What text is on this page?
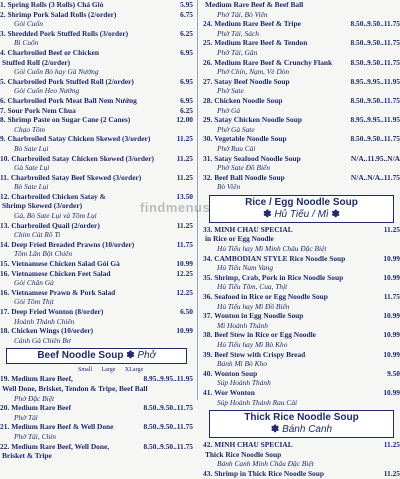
1. Spring Rolls (3 Rolls) Chả Giò	5.95
2. Shrimp Pork Salad Rolls (2/order)	6.75
Gỏi Cuốn
3. Shredded Pork Stuffed Rolls (3/order)	6.25
Bì Cuốn
4. Charbroiled Beef or Chicken	6.95
Stuffed Roll (2/order)
Gỏi Cuốn Bò hay Gà Nướng
5. Charbroiled Pork Stuffed Roll (2/order)	6.95
Gỏi Cuốn Heo Nướng
6. Charbroiled Pork Meat Ball Nem Nướng	6.95
7. Sour Pork Nem Chua	6.25
8. Shrimp Paste on Sugar Cane (2 Canes)	12.00
Chạo Tôm
9. Charbroiled Satay Chicken Skewed (3/order)	11.25
Bò Sate Lụi
10. Charbroiled Satay Chicken Skewed (3/order)	11.25
Gà Sate Lụi
11. Charbroiled Satay Beef Skewed (3/order)	11.25
Bò Sate Lụi
12. Charbroiled Chicken Satay &	13.50
Shrimp Skewed (3/order)
Gà, Bò Sate Lụi và Tôm Lụi
13. Charbroiled Quail (2/order)	11.25
Chim Cút Rô Ti
14. Deep Fried Breaded Prawns (10/order)	11.75
Tôm Lăn Bột Chiên
15. Vietnamese Chicken Salad Gỏi Gà	10.99
16. Vietnamese Chicken Feet Salad	12.25
Gỏi Chân Gà
16. Vietnamese Prawn & Pork Salad	12.25
Gỏi Tôm Thịt
17. Deep Fried Wonton (8/order)	6.50
Hoành Thánh Chiên
18. Chicken Wings (10/order)	10.99
Cánh Gà Chiên Bơ
Beef Noodle Soup ✽ Phở
Small Large XLarge
19. Medium Rare Beef,	8.95..9.95..11.95
Well Done, Brisket, Tendon & Tripe, Beef Ball
Phở Đặc Biệt
20. Medium Rare Beef	8.50..9.50..11.75
Phở Tái
21. Medium Rare Beef & Well Done	8.50..9.50..11.75
Phở Tái, Chín
22. Medium Rare Beef, Well Done,	8.50..9.50..11.75
Brisket & Tripe
Medium Rare Beef & Beef Ball
Phở Tái, Bò Viên
24. Medium Rare Beef & Tripe	8.50..9.50..11.75
Phở Tái, Sách
25. Medium Rare Beef & Tendon	8.50..9.50..11.75
Phở Tái, Gân
26. Medium Rare Beef & Crunchy Flank	8.50..9.50..11.75
Phở Chín, Nạm, Vè Dòn
27. Satay Beef Noodle Soup	8.95..9.95..11.95
Phở Sate
28. Chicken Noodle Soup	8.50..9.50..11.75
Phở Gà
29. Satay Chicken Noodle Soup	8.95..9.95..11.95
Phở Gà Sate
30. Vegetable Noodle Soup	8.50..9.50..11.75
Phở Rau Cải
31. Satay Seafood Noodle Soup	N/A..11.95..N/A
Phở Sate Đồ Biển
32. Beef Ball Noodle Soup	N/A..N/A..11.75
Bò Viên
Rice / Egg Noodle Soup
✽ Hủ Tiếu / Mì ✽
33. MINH CHAU SPECIAL	11.25
in Rice or Egg Noodle
Hủ Tiếu hay Mì Minh Châu Đặc Biệt
34. CAMBODIAN STYLE Rice Noodle Soup	10.99
Hủ Tiếu Nam Vang
35. Shrimp, Crab, Pork in Rice Noodle Soup	10.99
Hủ Tiếu Tôm, Cua, Thịt
36. Seafood in Rice or Egg Noodle Soup	11.75
Hủ Tiếu hay Mì Đồ Biển
37. Wonton in Egg Noodle Soup	10.99
Mì Hoành Thánh
38. Beef Stew in Rice or Egg Noodle	10.99
Hủ Tiếu hay Mì Bò Kho
39. Beef Stew with Crispy Bread	10.99
Bánh Mì Bò Kho
40. Wonton Soup	9.50
Súp Hoành Thánh
41. Wor Wonton	10.99
Súp Hoành Thánh Rau Cải
Thick Rice Noodle Soup
✽ Bánh Canh
42. MINH CHAU SPECIAL	11.25
Thick Rice Noodle Soup
Bánh Canh Minh Châu Đặc Biệt
43. Shrimp in Thick Rice Noodle Soup	11.25
findmenus
